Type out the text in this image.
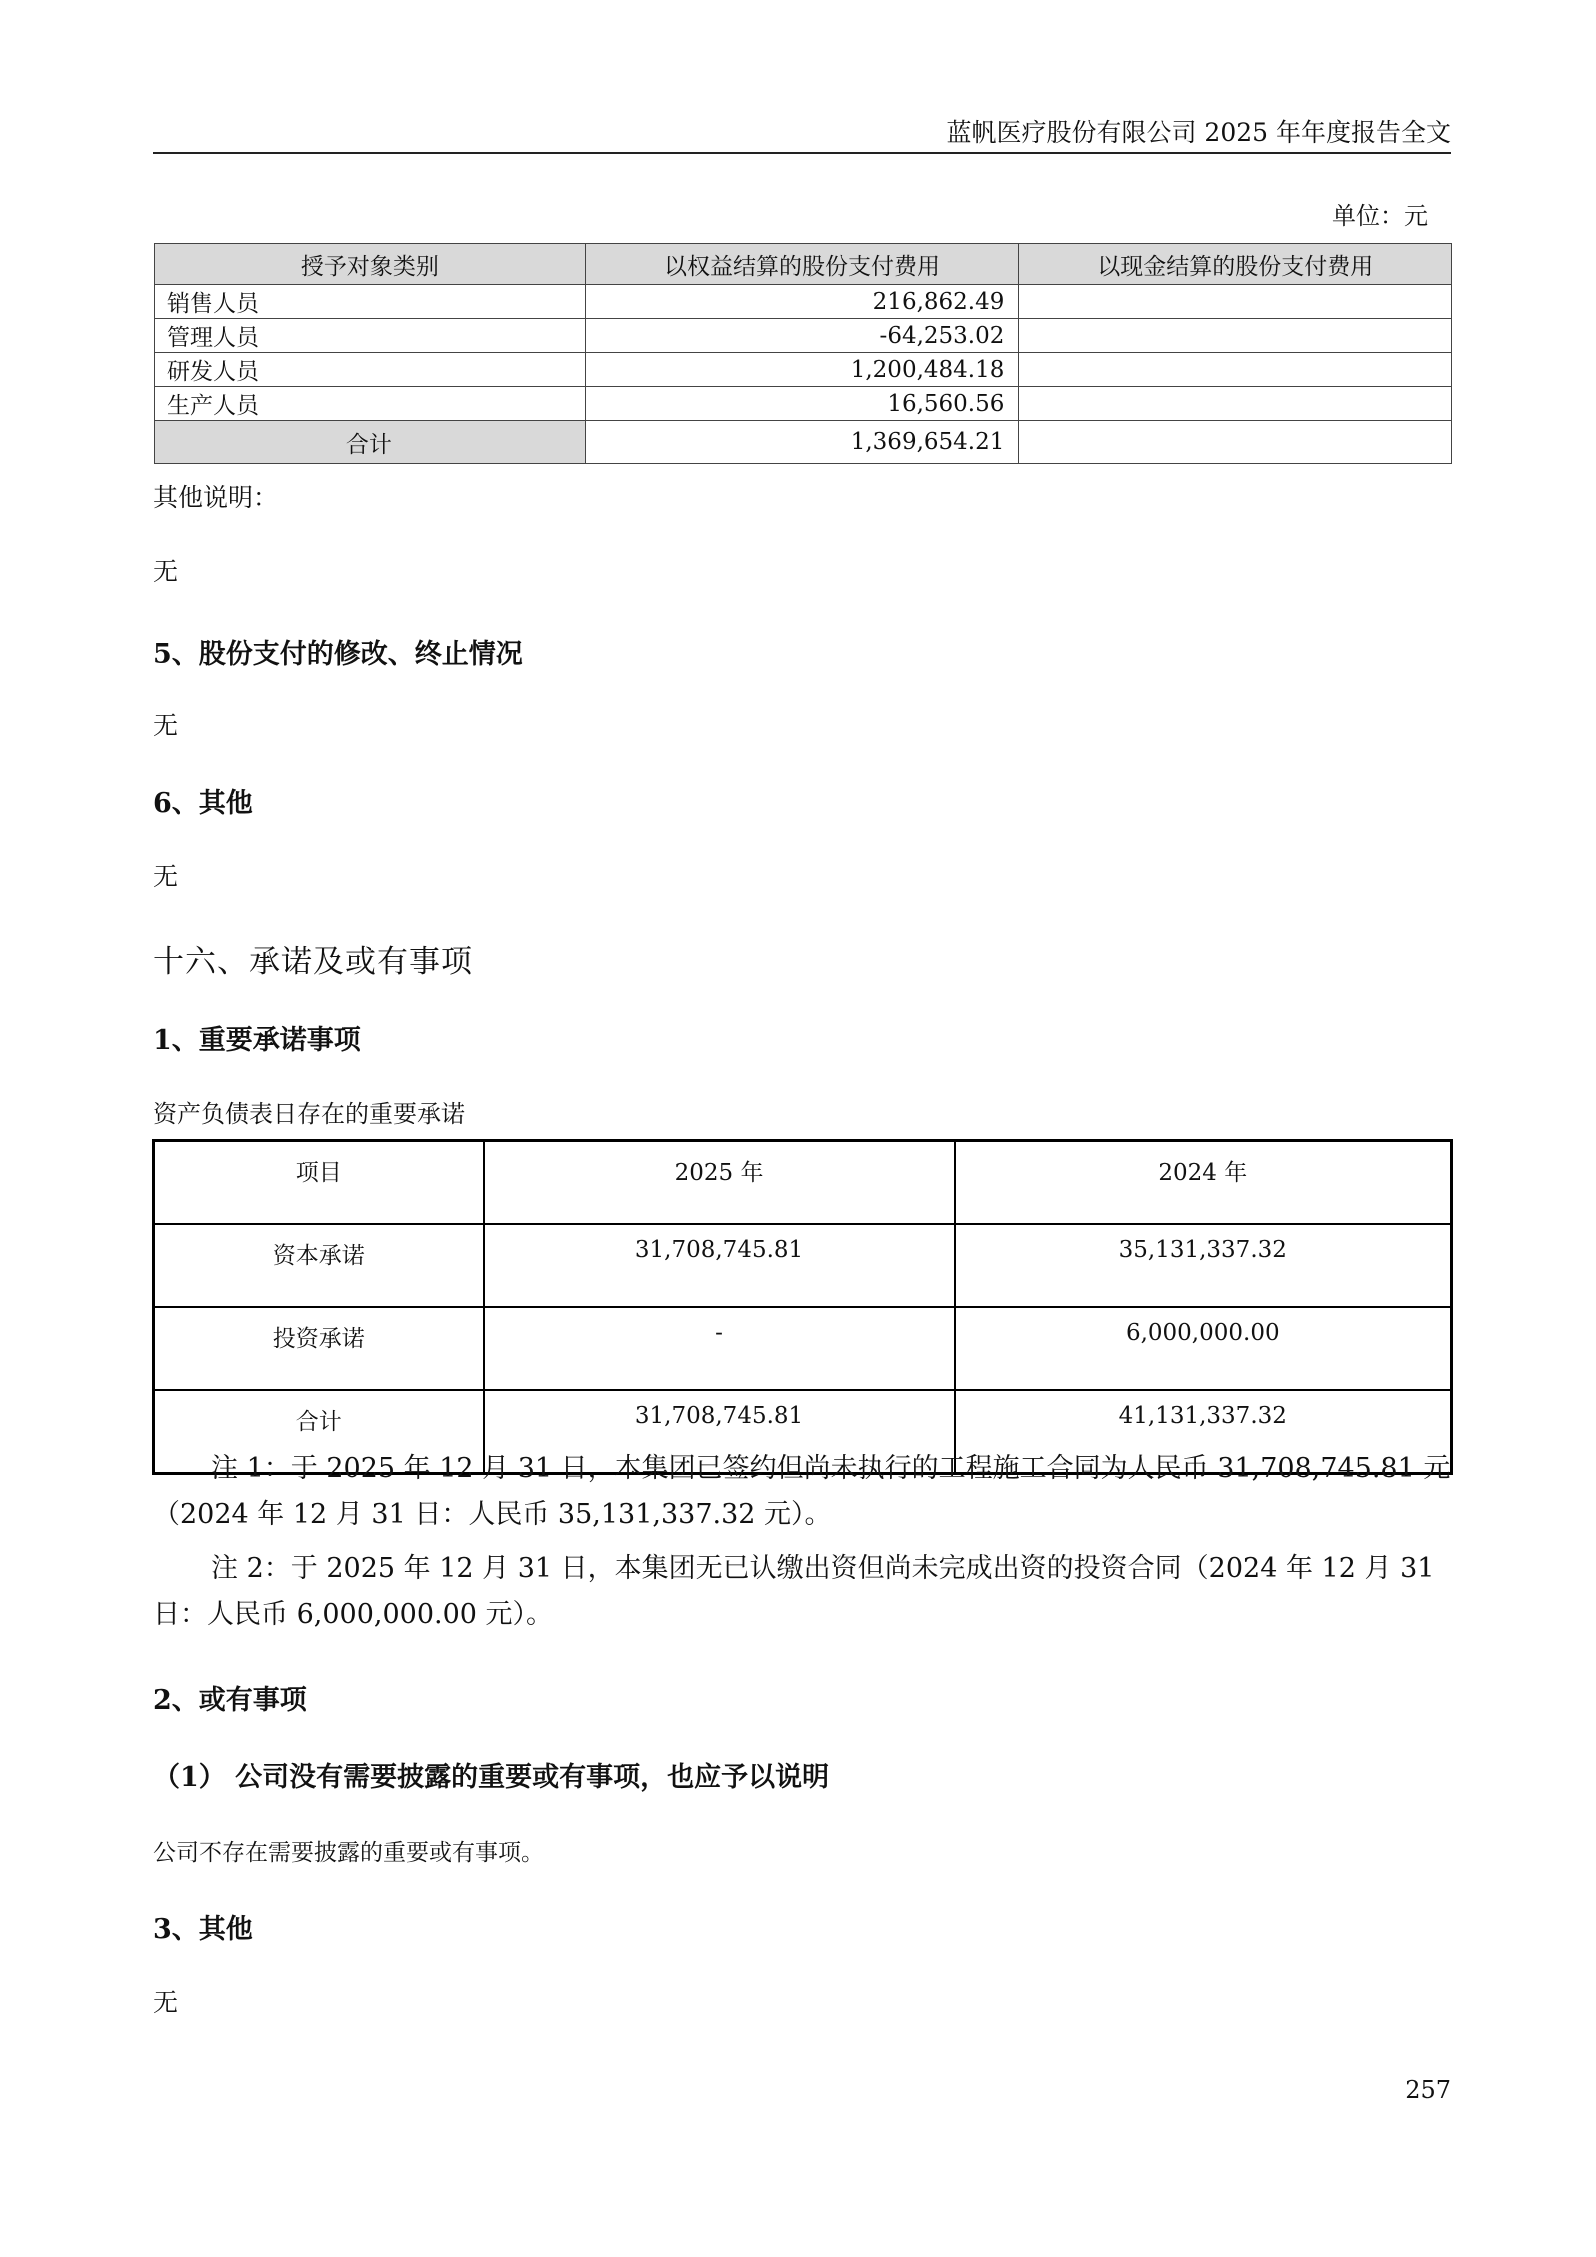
蓝帆医疗股份有限公司 2025 年年度报告全文
单位：元
授予对象类别	以权益结算的股份支付费用	以现金结算的股份支付费用
销售人员	216,862.49	
管理人员	-64,253.02	
研发人员	1,200,484.18	
生产人员	16,560.56	
合计	1,369,654.21	
其他说明：
无
5、股份支付的修改、终止情况
无
6、其他
无
十六、承诺及或有事项
1、重要承诺事项
资产负债表日存在的重要承诺
项目	2025 年	2024 年
资本承诺	31,708,745.81	35,131,337.32
投资承诺	-	6,000,000.00
合计	31,708,745.81	41,131,337.32
注 1：于 2025 年 12 月 31 日，本集团已签约但尚未执行的工程施工合同为人民币 31,708,745.81 元
（2024 年 12 月 31 日：人民币 35,131,337.32 元）。
注 2：于 2025 年 12 月 31 日，本集团无已认缴出资但尚未完成出资的投资合同（2024 年 12 月 31
日：人民币 6,000,000.00 元）。
2、或有事项
（1） 公司没有需要披露的重要或有事项，也应予以说明
公司不存在需要披露的重要或有事项。
3、其他
无
257
